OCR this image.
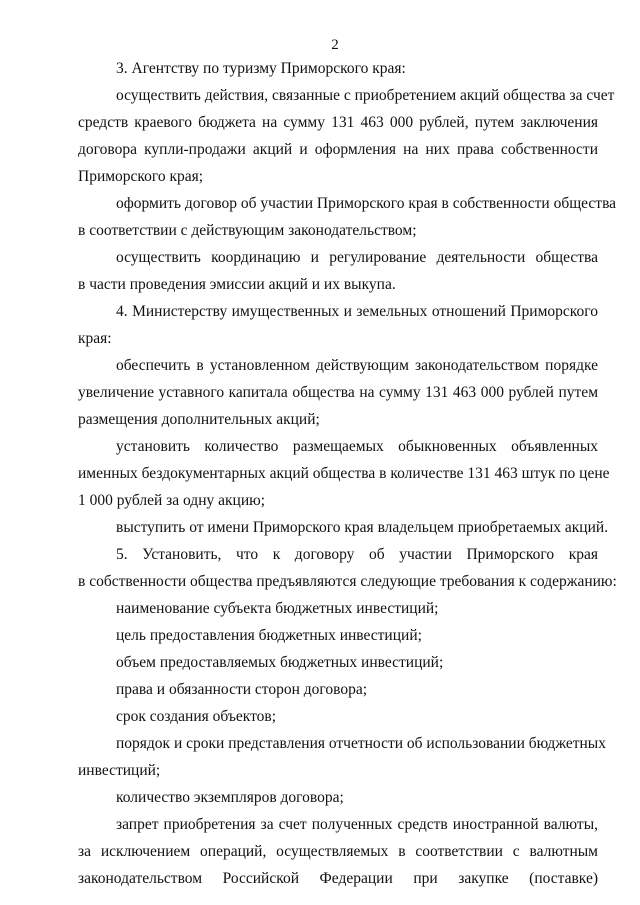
2
3. Агентству по туризму Приморского края:
осуществить действия, связанные с приобретением акций общества за счет
средств краевого бюджета на сумму 131 463 000 рублей, путем заключения
договора купли-продажи акций и оформления на них права собственности
Приморского края;
оформить договор об участии Приморского края в собственности общества
в соответствии с действующим законодательством;
осуществить координацию и регулирование деятельности общества
в части проведения эмиссии акций и их выкупа.
4. Министерству имущественных и земельных отношений Приморского
края:
обеспечить в установленном действующим законодательством порядке
увеличение уставного капитала общества на сумму 131 463 000 рублей путем
размещения дополнительных акций;
установить количество размещаемых обыкновенных объявленных
именных бездокументарных акций общества в количестве 131 463 штук по цене
1 000 рублей за одну акцию;
выступить от имени Приморского края владельцем приобретаемых акций.
5. Установить, что к договору об участии Приморского края
в собственности общества предъявляются следующие требования к содержанию:
наименование субъекта бюджетных инвестиций;
цель предоставления бюджетных инвестиций;
объем предоставляемых бюджетных инвестиций;
права и обязанности сторон договора;
срок создания объектов;
порядок и сроки представления отчетности об использовании бюджетных
инвестиций;
количество экземпляров договора;
запрет приобретения за счет полученных средств иностранной валюты,
за исключением операций, осуществляемых в соответствии с валютным
законодательством Российской Федерации при закупке (поставке)
